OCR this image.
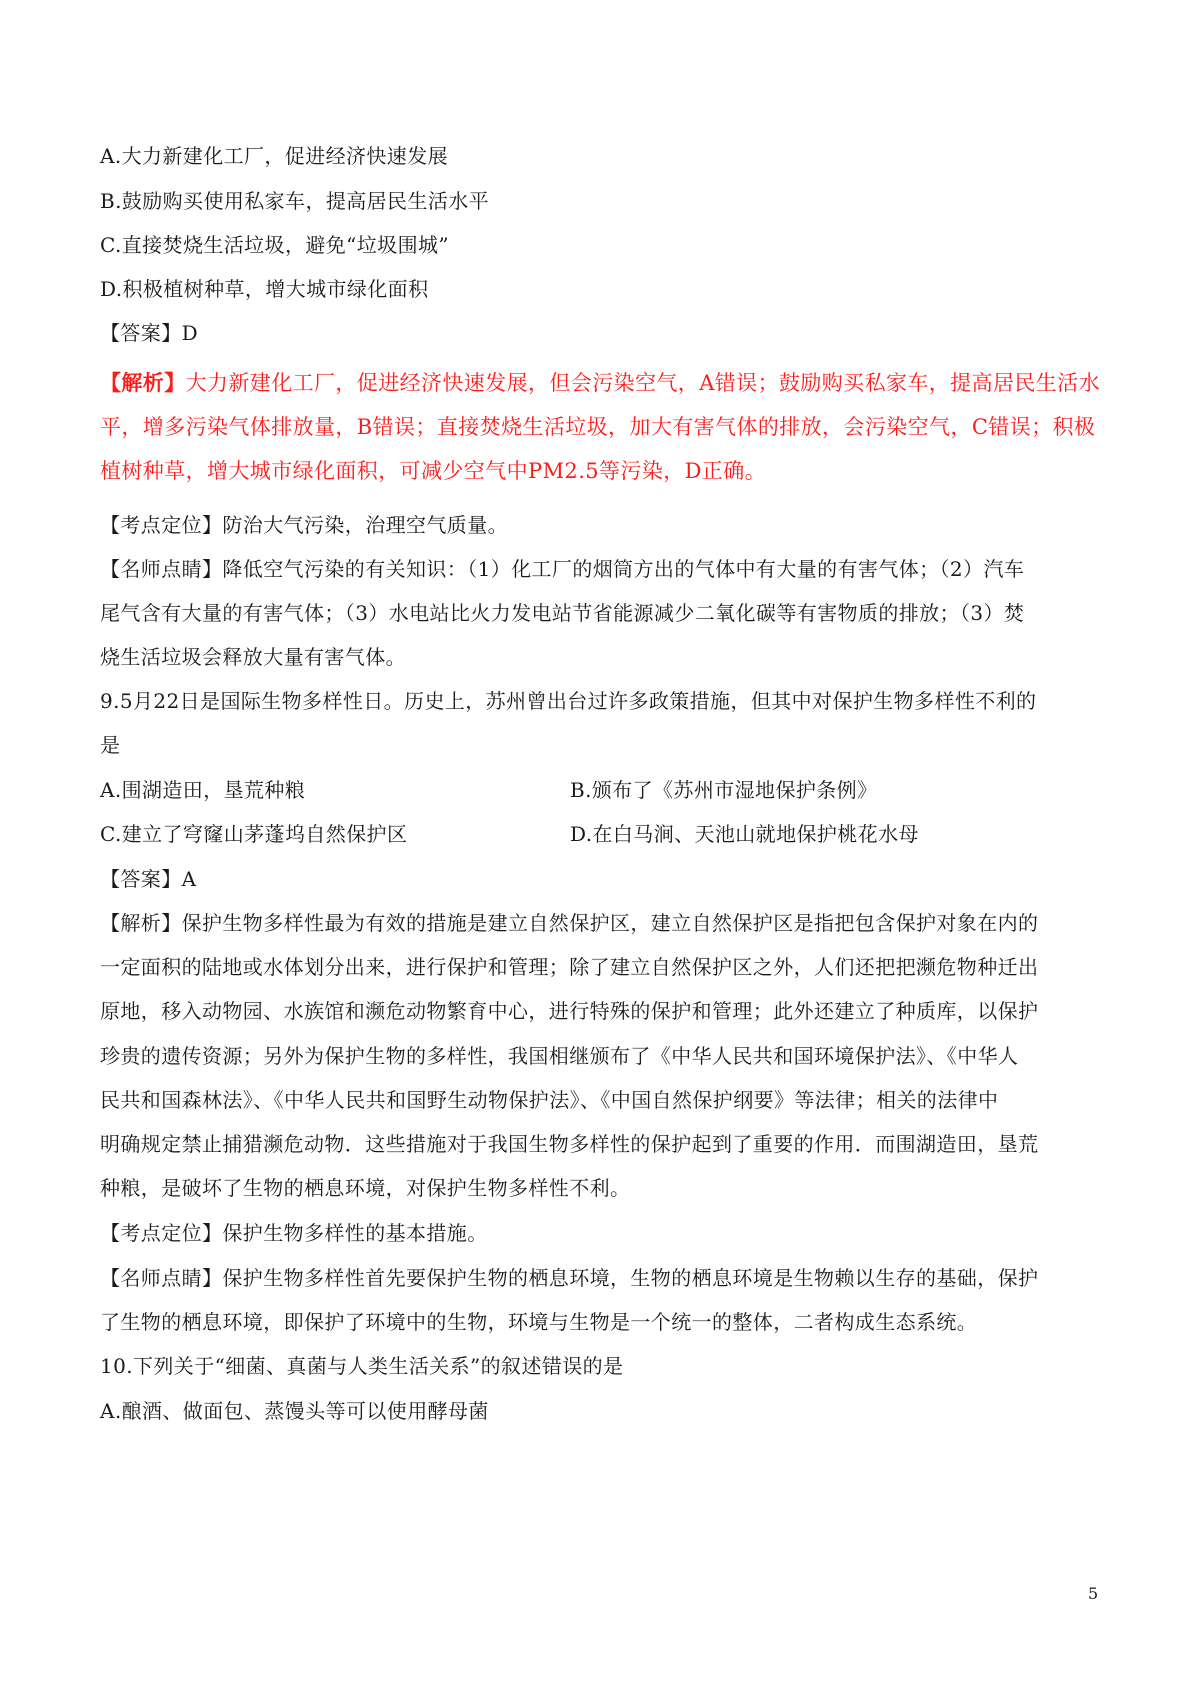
A.大力新建化工厂，促进经济快速发展
B.鼓励购买使用私家车，提高居民生活水平
C.直接焚烧生活垃圾，避免“垃圾围城”
D.积极植树种草，增大城市绿化面积
【答案】D
【解析】大力新建化工厂，促进经济快速发展，但会污染空气，A错误；鼓励购买私家车，提高居民生活水
平，增多污染气体排放量，B错误；直接焚烧生活垃圾，加大有害气体的排放，会污染空气，C错误；积极
植树种草，增大城市绿化面积，可减少空气中PM2.5等污染，D正确。
【考点定位】防治大气污染，治理空气质量。
【名师点睛】降低空气污染的有关知识：（1）化工厂的烟筒方出的气体中有大量的有害气体；（2）汽车
尾气含有大量的有害气体；（3）水电站比火力发电站节省能源减少二氧化碳等有害物质的排放；（3）焚
烧生活垃圾会释放大量有害气体。
9.5月22日是国际生物多样性日。历史上，苏州曾出台过许多政策措施，但其中对保护生物多样性不利的
是
A.围湖造田，垦荒种粮	B.颁布了《苏州市湿地保护条例》
C.建立了穹窿山茅蓬坞自然保护区	D.在白马涧、天池山就地保护桃花水母
【答案】A
【解析】保护生物多样性最为有效的措施是建立自然保护区，建立自然保护区是指把包含保护对象在内的
一定面积的陆地或水体划分出来，进行保护和管理；除了建立自然保护区之外，人们还把把濒危物种迁出
原地，移入动物园、水族馆和濒危动物繁育中心，进行特殊的保护和管理；此外还建立了种质库，以保护
珍贵的遗传资源；另外为保护生物的多样性，我国相继颁布了《中华人民共和国环境保护法》、《中华人
民共和国森林法》、《中华人民共和国野生动物保护法》、《中国自然保护纲要》等法律；相关的法律中
明确规定禁止捕猎濒危动物．这些措施对于我国生物多样性的保护起到了重要的作用．而围湖造田，垦荒
种粮，是破坏了生物的栖息环境，对保护生物多样性不利。
【考点定位】保护生物多样性的基本措施。
【名师点睛】保护生物多样性首先要保护生物的栖息环境，生物的栖息环境是生物赖以生存的基础，保护
了生物的栖息环境，即保护了环境中的生物，环境与生物是一个统一的整体，二者构成生态系统。
10.下列关于“细菌、真菌与人类生活关系”的叙述错误的是
A.酿酒、做面包、蒸馒头等可以使用酵母菌
5
